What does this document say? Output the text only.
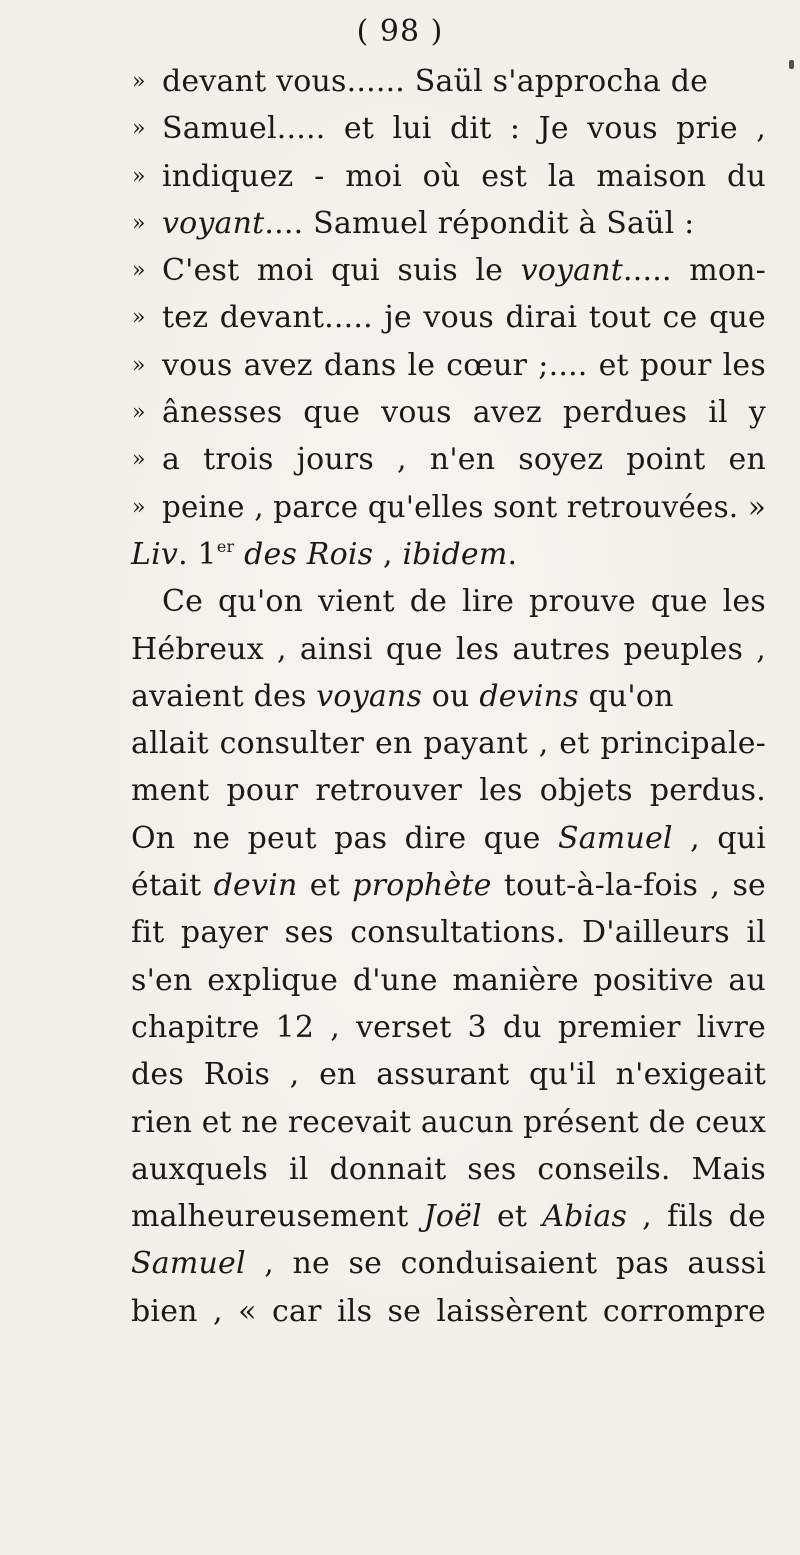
( 98 )
» devant vous...... Saül s'approcha de
» Samuel..... et lui dit : Je vous prie ,
» indiquez - moi où est la maison du
» voyant.... Samuel répondit à Saül :
» C'est moi qui suis le voyant..... mon-
» tez devant..... je vous dirai tout ce que
» vous avez dans le cœur ;.... et pour les
» ânesses que vous avez perdues il y
» a trois jours , n'en soyez point en
» peine , parce qu'elles sont retrouvées. »
Liv. 1er des Rois , ibidem.
Ce qu'on vient de lire prouve que les
Hébreux , ainsi que les autres peuples ,
avaient des voyans ou devins qu'on
allait consulter en payant , et principale-
ment pour retrouver les objets perdus.
On ne peut pas dire que Samuel , qui
était devin et prophète tout-à-la-fois , se
fit payer ses consultations. D'ailleurs il
s'en explique d'une manière positive au
chapitre 12 , verset 3 du premier livre
des Rois , en assurant qu'il n'exigeait
rien et ne recevait aucun présent de ceux
auxquels il donnait ses conseils. Mais
malheureusement Joël et Abias , fils de
Samuel , ne se conduisaient pas aussi
bien , « car ils se laissèrent corrompre
